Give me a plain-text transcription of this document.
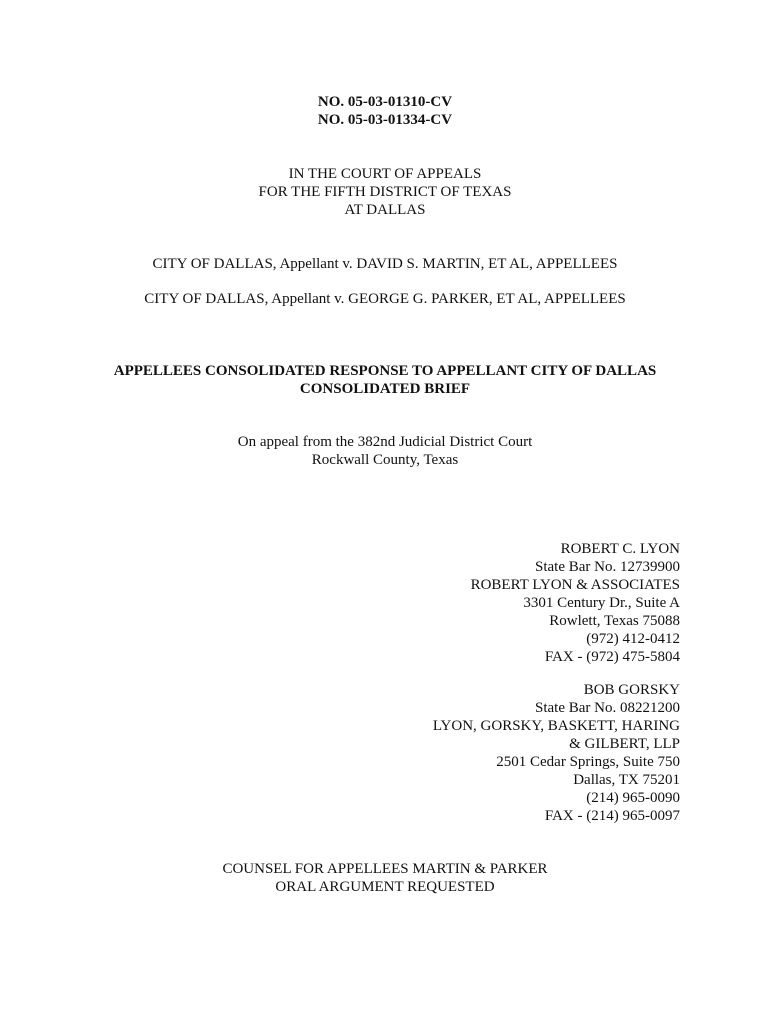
NO. 05-03-01310-CV
NO. 05-03-01334-CV
IN THE COURT OF APPEALS
FOR THE FIFTH DISTRICT OF TEXAS
AT DALLAS
CITY OF DALLAS, Appellant v. DAVID S. MARTIN, ET AL, APPELLEES
CITY OF DALLAS, Appellant v. GEORGE G. PARKER, ET AL, APPELLEES
APPELLEES CONSOLIDATED RESPONSE TO APPELLANT CITY OF DALLAS
CONSOLIDATED BRIEF
On appeal from the 382nd Judicial District Court
Rockwall County, Texas
ROBERT C. LYON
State Bar No. 12739900
ROBERT LYON & ASSOCIATES
3301 Century Dr., Suite A
Rowlett, Texas 75088
(972) 412-0412
FAX - (972) 475-5804
BOB GORSKY
State Bar No. 08221200
LYON, GORSKY, BASKETT, HARING
& GILBERT, LLP
2501 Cedar Springs, Suite 750
Dallas, TX 75201
(214) 965-0090
FAX - (214) 965-0097
COUNSEL FOR APPELLEES MARTIN & PARKER
ORAL ARGUMENT REQUESTED
